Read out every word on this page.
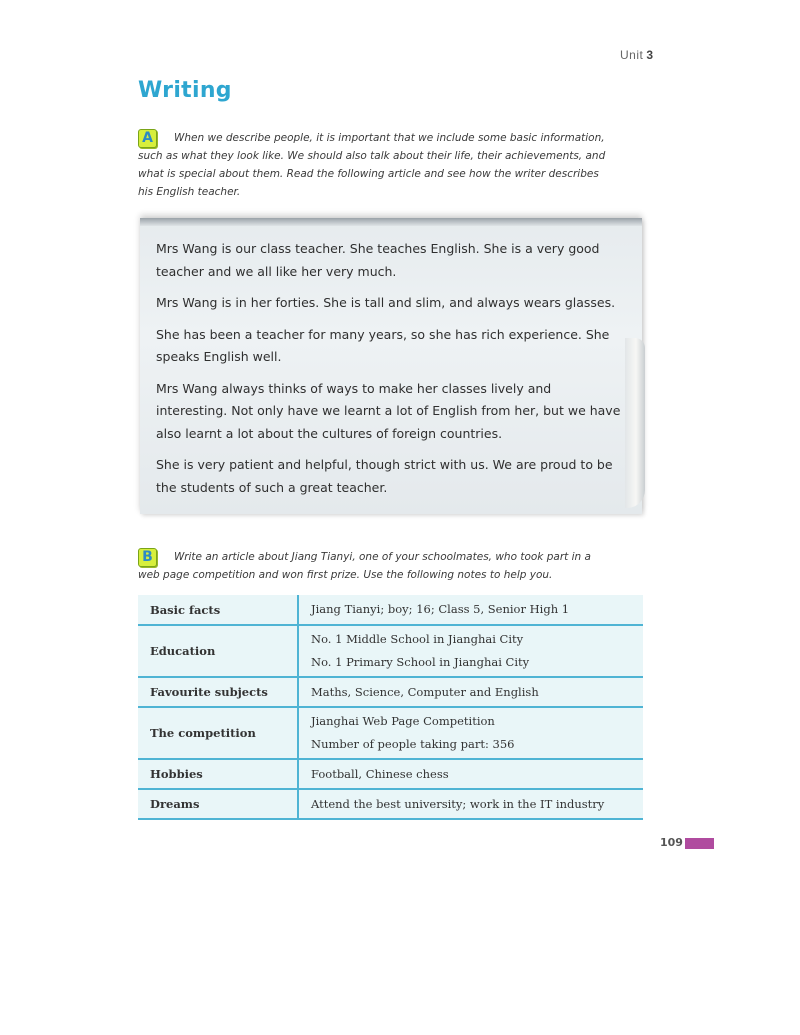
Unit 3
Writing
A	When we describe people, it is important that we include some basic information, such as what they look like. We should also talk about their life, their achievements, and what is special about them. Read the following article and see how the writer describes his English teacher.

Mrs Wang is our class teacher. She teaches English. She is a very good teacher and we all like her very much.

Mrs Wang is in her forties. She is tall and slim, and always wears glasses.

She has been a teacher for many years, so she has rich experience. She speaks English well.

Mrs Wang always thinks of ways to make her classes lively and interesting. Not only have we learnt a lot of English from her, but we have also learnt a lot about the cultures of foreign countries.

She is very patient and helpful, though strict with us. We are proud to be the students of such a great teacher.

B	Write an article about Jiang Tianyi, one of your schoolmates, who took part in a web page competition and won first prize. Use the following notes to help you.

Basic facts	Jiang Tianyi; boy; 16; Class 5, Senior High 1

Education	No. 1 Middle School in Jianghai City
No. 1 Primary School in Jianghai City

Favourite subjects	Maths, Science, Computer and English

The competition	Jianghai Web Page Competition
Number of people taking part: 356

Hobbies	Football, Chinese chess

Dreams	Attend the best university; work in the IT industry
109
